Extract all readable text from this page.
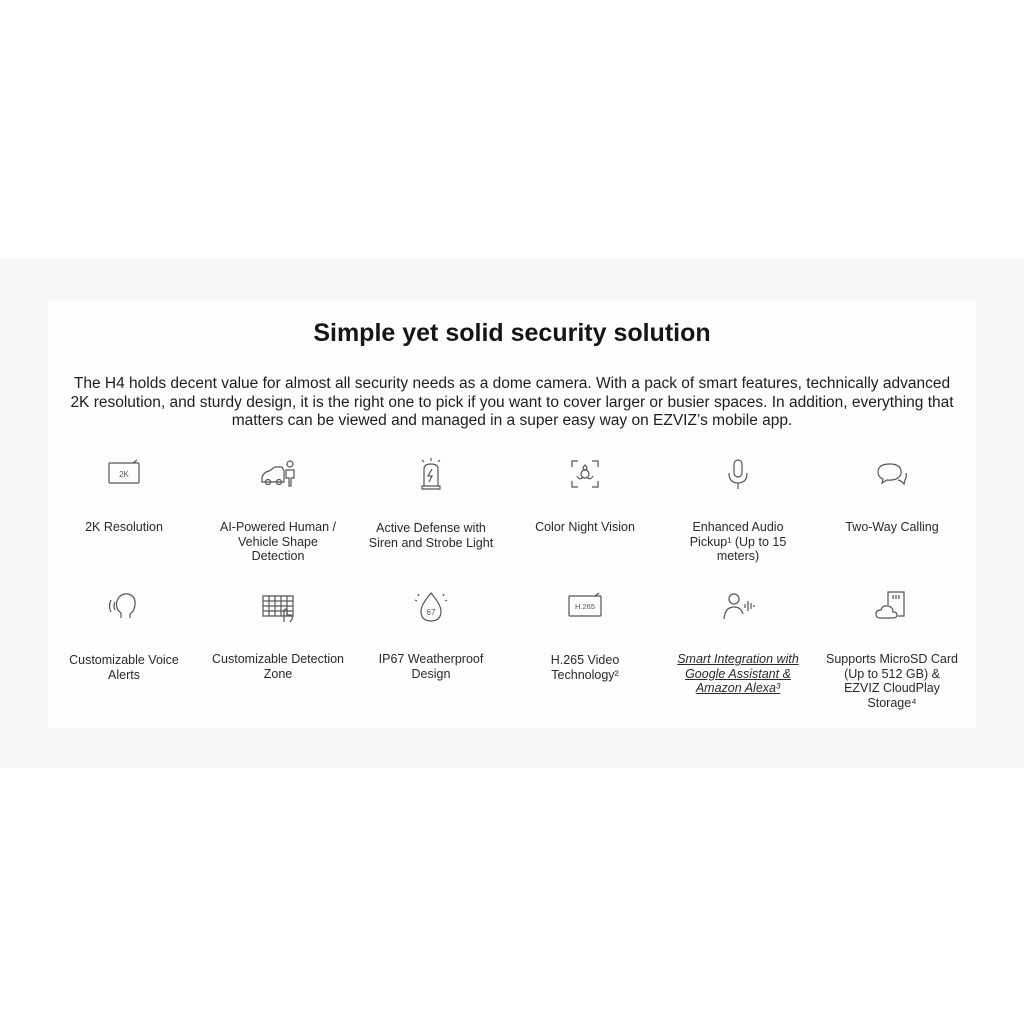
Simple yet solid security solution

The H4 holds decent value for almost all security needs as a dome camera. With a pack of smart features, technically advanced 2K resolution, and sturdy design, it is the right one to pick if you want to cover larger or busier spaces. In addition, everything that matters can be viewed and managed in a super easy way on EZVIZ’s mobile app.

2K
2K Resolution	AI-Powered Human / Vehicle Shape Detection
Active Defense with Siren and Strobe Light
Color Night Vision	Enhanced Audio Pickup¹ (Up to 15 meters)
Two-Way Calling
Customizable Voice Alerts
Customizable Detection Zone
67
IP67 Weatherproof Design
H.265
H.265 Video Technology²
Smart Integration with Google Assistant & Amazon Alexa³
Supports MicroSD Card (Up to 512 GB) & EZVIZ CloudPlay Storage⁴
